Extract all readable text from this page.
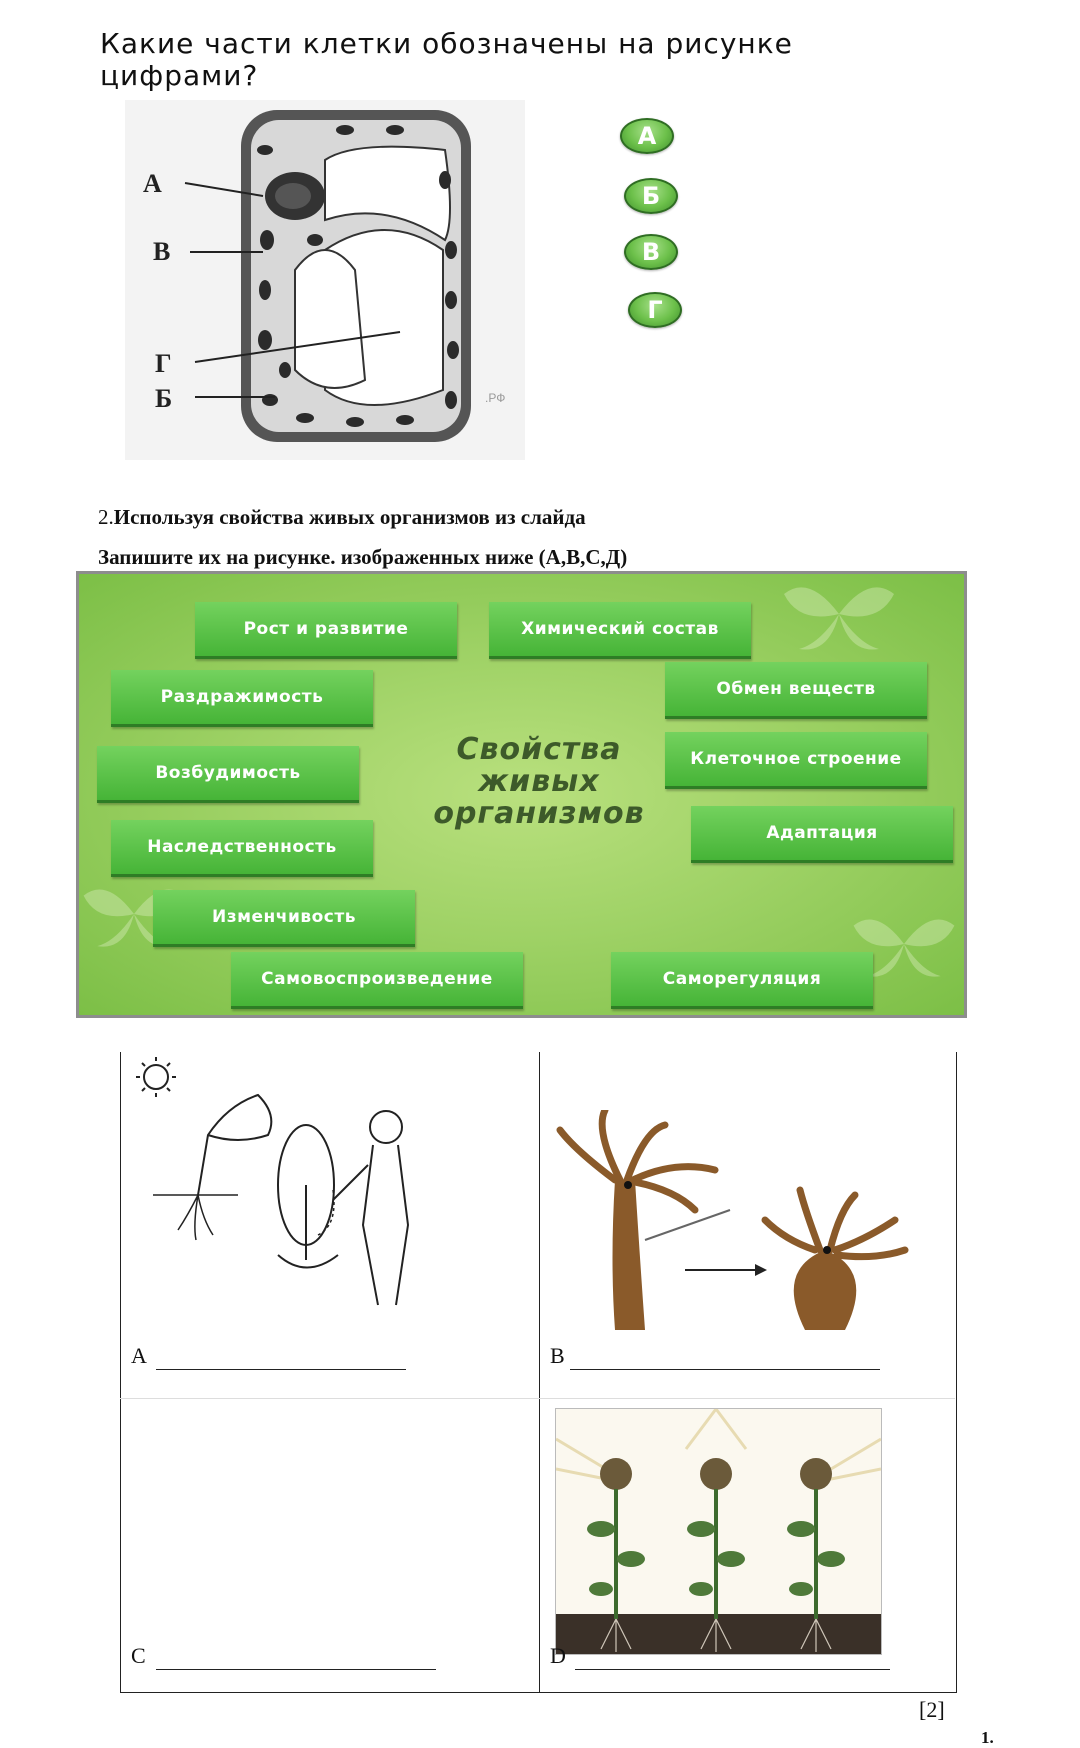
Какие части клетки обозначены на рисунке цифрами?
А
В
Г
Б	.РФ
А
Б
В
Г
2.Используя свойства живых организмов из слайда
Запишите их на рисунке. изображенных ниже (А,В,С,Д)
Свойства
живых
организмов
Рост и развитие	Химический состав
Раздражимость	Обмен веществ
Возбудимость
Клеточное строение
Наследственность
Адаптация
Изменчивость
Самовоспроизведение	Саморегуляция
А	В
С	D
[2]
1.
